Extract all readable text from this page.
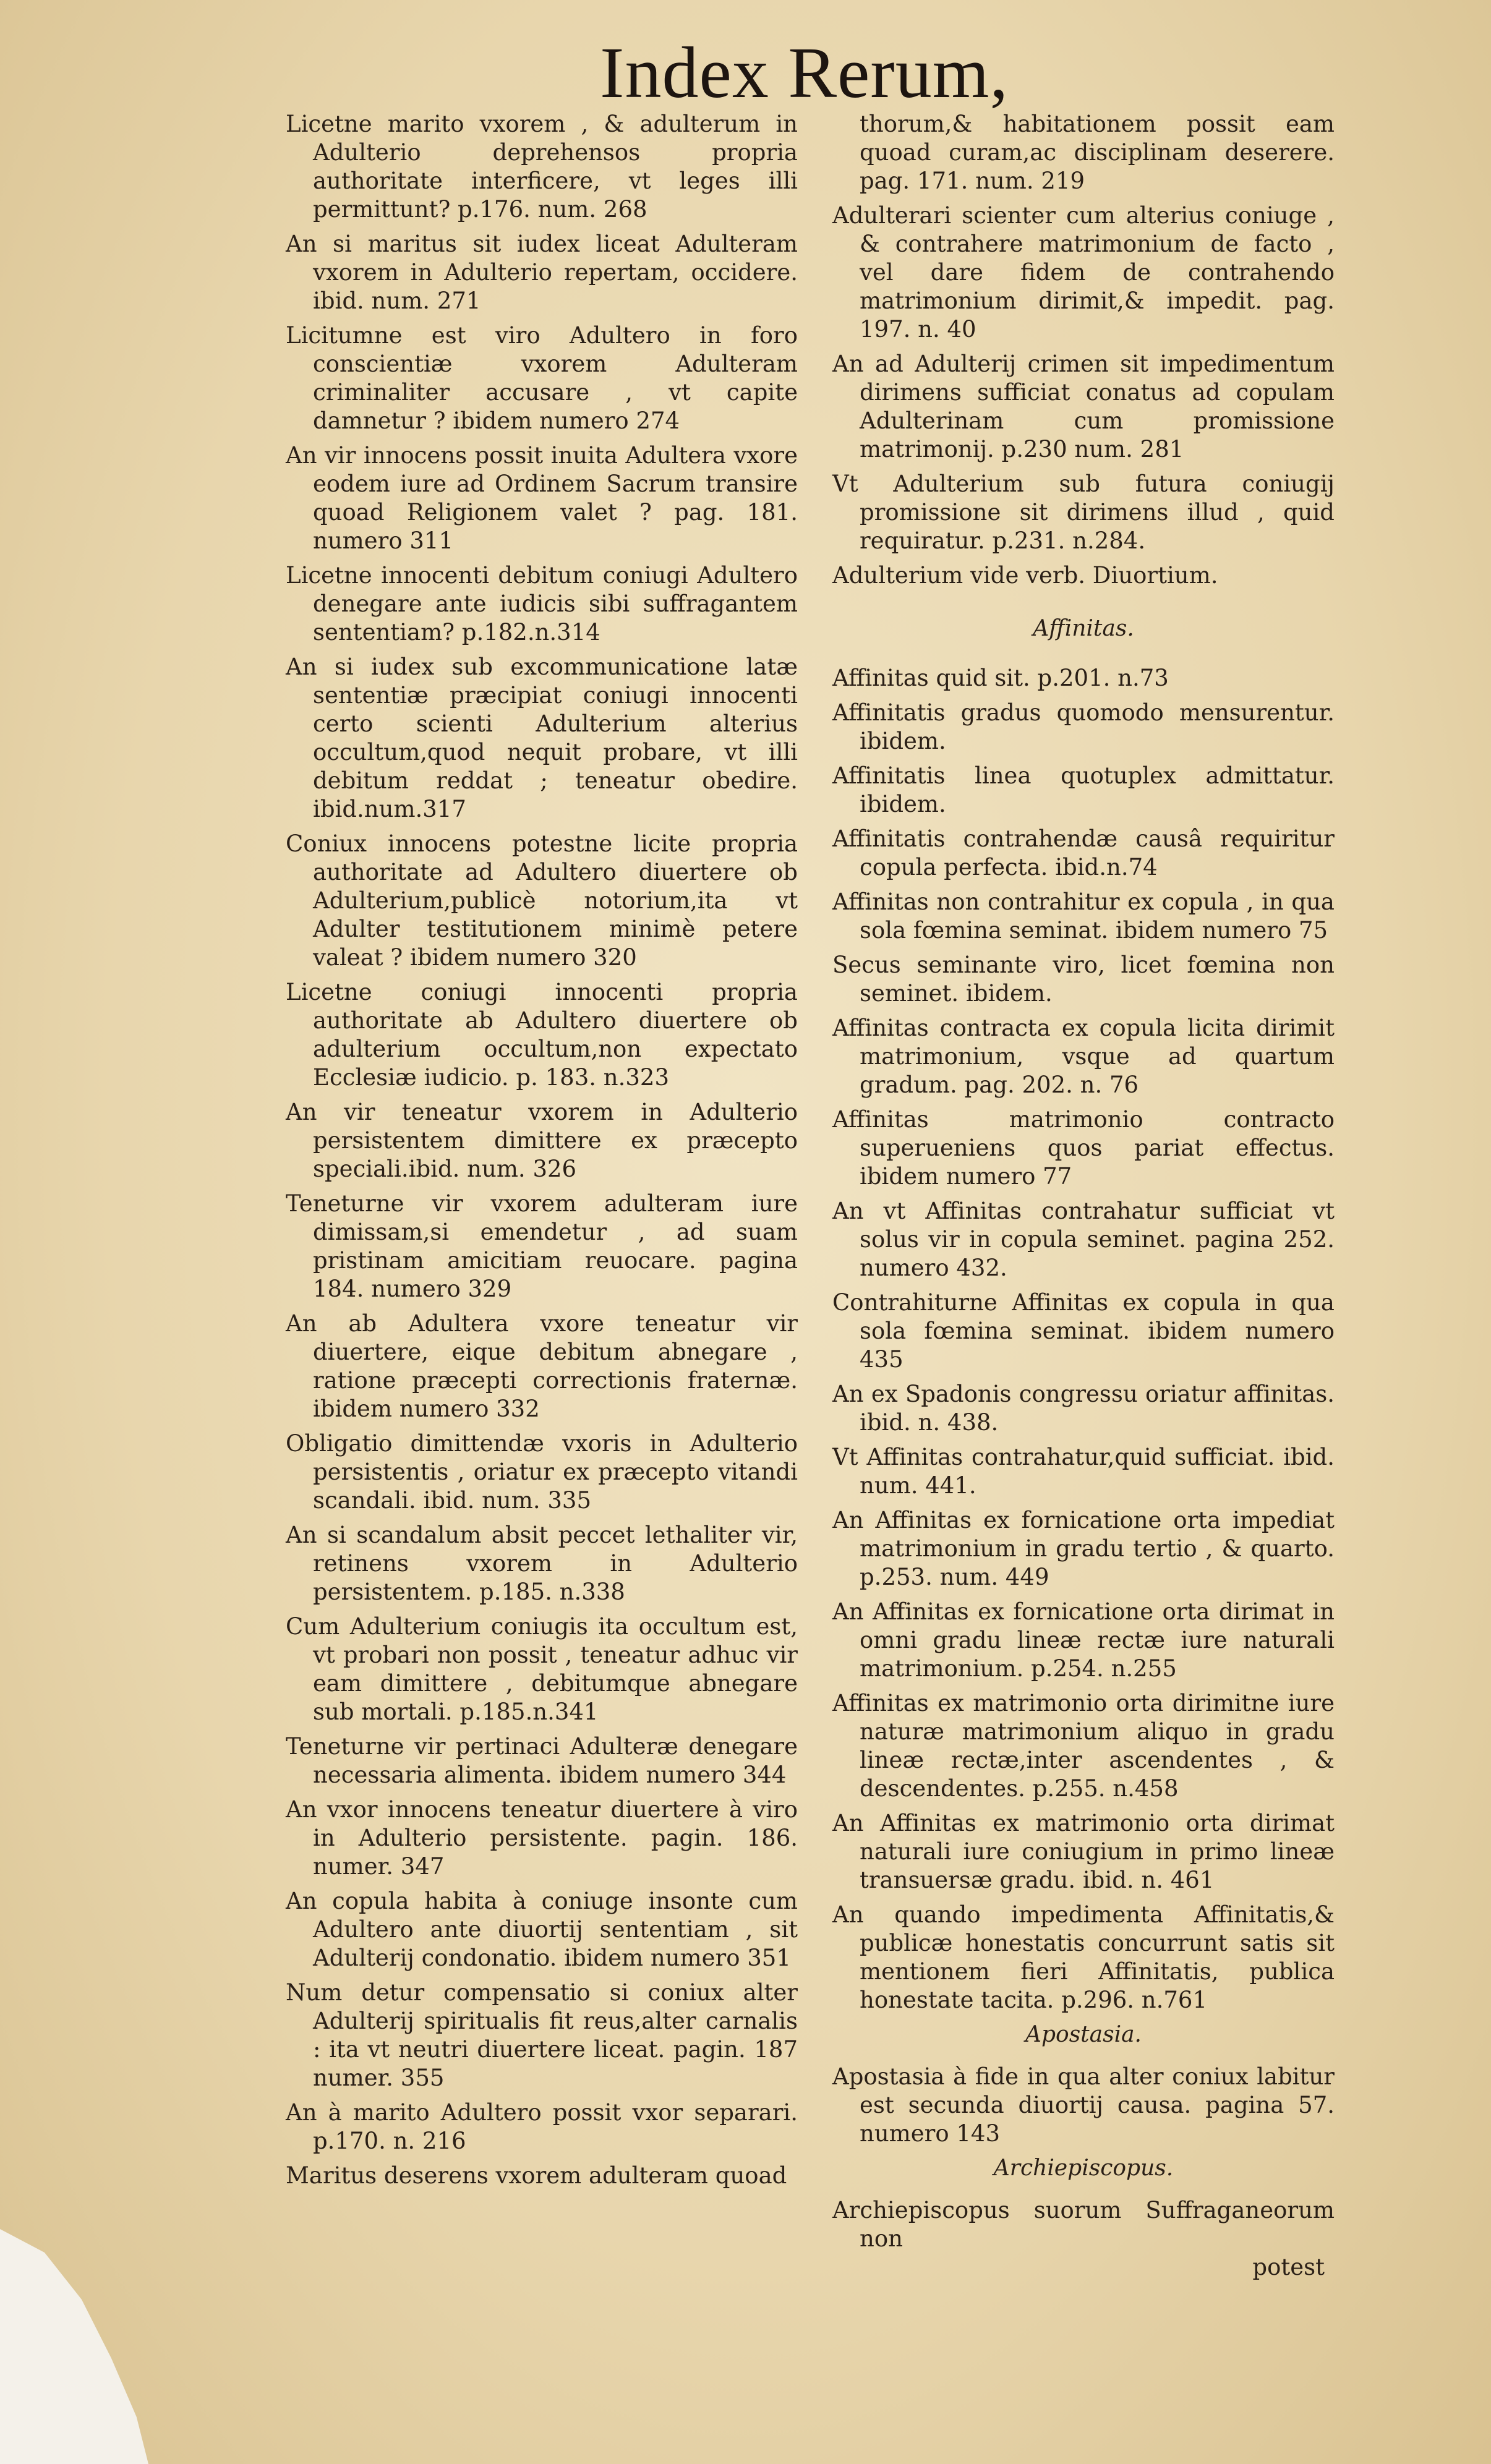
Index Rerum,

Licetne marito vxorem , & adulterum in Adulterio deprehensos propria authoritate interficere, vt leges illi permittunt? p.176. num. 268

An si maritus sit iudex liceat Adulteram vxorem in Adulterio repertam, occidere. ibid. num. 271

Licitumne est viro Adultero in foro conscientiæ vxorem Adulteram criminaliter accusare , vt capite damnetur ? ibidem numero 274

An vir innocens possit inuita Adultera vxore eodem iure ad Ordinem Sacrum transire quoad Religionem valet ? pag. 181. numero 311

Licetne innocenti debitum coniugi Adultero denegare ante iudicis sibi suffragantem sententiam? p.182.n.314

An si iudex sub excommunicatione latæ sententiæ præcipiat coniugi innocenti certo scienti Adulterium alterius occultum,quod nequit probare, vt illi debitum reddat ; teneatur obedire. ibid.num.317

Coniux innocens potestne licite propria authoritate ad Adultero diuertere ob Adulterium,publicè notorium,ita vt Adulter testitutionem minimè petere valeat ? ibidem numero 320

Licetne coniugi innocenti propria authoritate ab Adultero diuertere ob adulterium occultum,non expectato Ecclesiæ iudicio. p. 183. n.323

An vir teneatur vxorem in Adulterio persistentem dimittere ex præcepto speciali.ibid. num. 326

Teneturne vir vxorem adulteram iure dimissam,si emendetur , ad suam pristinam amicitiam reuocare. pagina 184. numero 329

An ab Adultera vxore teneatur vir diuertere, eique debitum abnegare , ratione præcepti correctionis fraternæ. ibidem numero 332

Obligatio dimittendæ vxoris in Adulterio persistentis , oriatur ex præcepto vitandi scandali. ibid. num. 335

An si scandalum absit peccet lethaliter vir, retinens vxorem in Adulterio persistentem. p.185. n.338

Cum Adulterium coniugis ita occultum est, vt probari non possit , teneatur adhuc vir eam dimittere , debitumque abnegare sub mortali. p.185.n.341

Teneturne vir pertinaci Adulteræ denegare necessaria alimenta. ibidem numero 344

An vxor innocens teneatur diuertere à viro in Adulterio persistente. pagin. 186. numer. 347

An copula habita à coniuge insonte cum Adultero ante diuortij sententiam , sit Adulterij condonatio. ibidem numero 351

Num detur compensatio si coniux alter Adulterij spiritualis fit reus,alter carnalis : ita vt neutri diuertere liceat. pagin. 187 numer. 355

An à marito Adultero possit vxor separari. p.170. n. 216

Maritus deserens vxorem adulteram quoad

thorum,& habitationem possit eam quoad curam,ac disciplinam deserere. pag. 171. num. 219

Adulterari scienter cum alterius coniuge , & contrahere matrimonium de facto , vel dare fidem de contrahendo matrimonium dirimit,& impedit. pag. 197. n. 40

An ad Adulterij crimen sit impedimentum dirimens sufficiat conatus ad copulam Adulterinam cum promissione matrimonij. p.230 num. 281

Vt Adulterium sub futura coniugij promissione sit dirimens illud , quid requiratur. p.231. n.284.

Adulterium vide verb. Diuortium.

Affinitas.

Affinitas quid sit. p.201. n.73

Affinitatis gradus quomodo mensurentur. ibidem.

Affinitatis linea quotuplex admittatur. ibidem.

Affinitatis contrahendæ causâ requiritur copula perfecta. ibid.n.74

Affinitas non contrahitur ex copula , in qua sola fœmina seminat. ibidem numero 75

Secus seminante viro, licet fœmina non seminet. ibidem.

Affinitas contracta ex copula licita dirimit matrimonium, vsque ad quartum gradum. pag. 202. n. 76

Affinitas matrimonio contracto superueniens quos pariat effectus. ibidem numero 77

An vt Affinitas contrahatur sufficiat vt solus vir in copula seminet. pagina 252. numero 432.

Contrahiturne Affinitas ex copula in qua sola fœmina seminat. ibidem numero 435

An ex Spadonis congressu oriatur affinitas. ibid. n. 438.

Vt Affinitas contrahatur,quid sufficiat. ibid. num. 441.

An Affinitas ex fornicatione orta impediat matrimonium in gradu tertio , & quarto. p.253. num. 449

An Affinitas ex fornicatione orta dirimat in omni gradu lineæ rectæ iure naturali matrimonium. p.254. n.255

Affinitas ex matrimonio orta dirimitne iure naturæ matrimonium aliquo in gradu lineæ rectæ,inter ascendentes , & descendentes. p.255. n.458

An Affinitas ex matrimonio orta dirimat naturali iure coniugium in primo lineæ transuersæ gradu. ibid. n. 461

An quando impedimenta Affinitatis,& publicæ honestatis concurrunt satis sit mentionem fieri Affinitatis, publica honestate tacita. p.296. n.761

Apostasia.

Apostasia à fide in qua alter coniux labitur est secunda diuortij causa. pagina 57. numero 143

Archiepiscopus.

Archiepiscopus suorum Suffraganeorum non

potest
